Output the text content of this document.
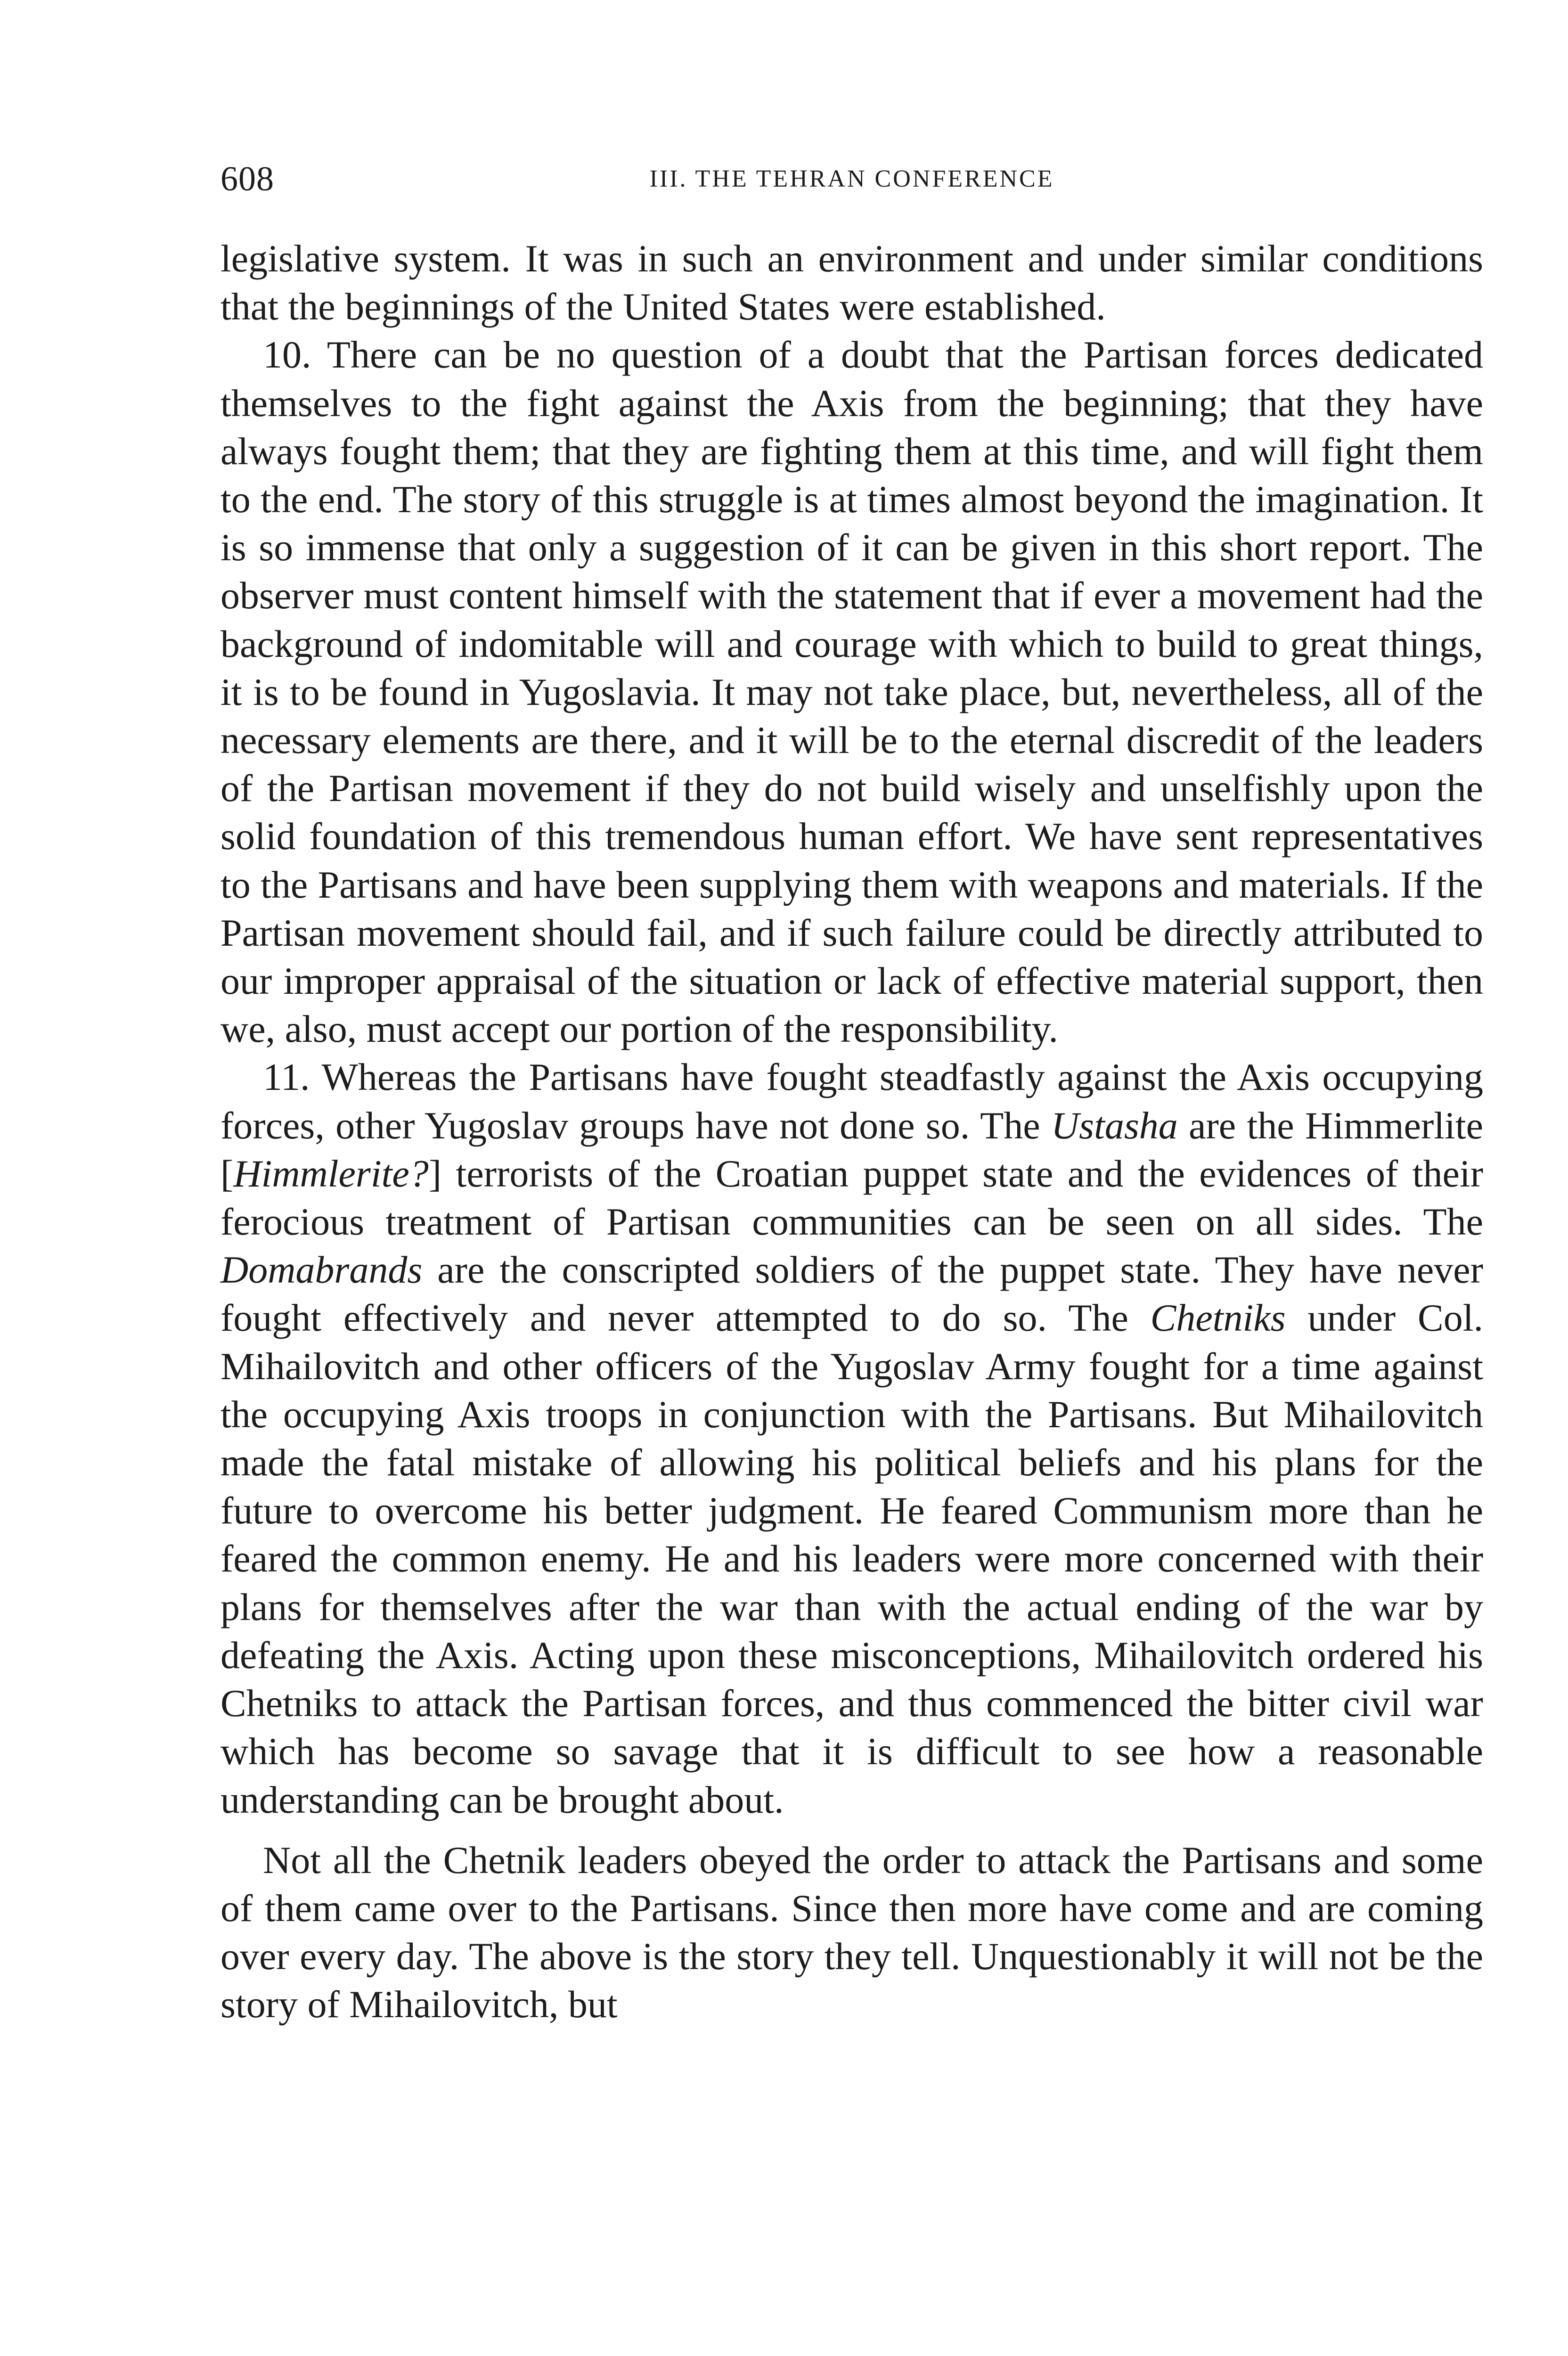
608	III. THE TEHRAN CONFERENCE

legislative system. It was in such an environment and under similar conditions that the beginnings of the United States were established.

10. There can be no question of a doubt that the Partisan forces dedicated themselves to the fight against the Axis from the beginning; that they have always fought them; that they are fighting them at this time, and will fight them to the end. The story of this struggle is at times almost beyond the imagination. It is so immense that only a suggestion of it can be given in this short report. The observer must content himself with the statement that if ever a movement had the background of indomitable will and courage with which to build to great things, it is to be found in Yugoslavia. It may not take place, but, nevertheless, all of the necessary elements are there, and it will be to the eternal discredit of the leaders of the Partisan movement if they do not build wisely and unselfishly upon the solid foundation of this tremendous human effort. We have sent representatives to the Partisans and have been supplying them with weapons and materials. If the Partisan movement should fail, and if such failure could be directly attributed to our improper appraisal of the situation or lack of effective material support, then we, also, must accept our portion of the responsibility.

11. Whereas the Partisans have fought steadfastly against the Axis occupying forces, other Yugoslav groups have not done so. The Ustasha are the Himmerlite [Himmlerite?] terrorists of the Croatian puppet state and the evidences of their ferocious treatment of Partisan communities can be seen on all sides. The Domabrands are the conscripted soldiers of the puppet state. They have never fought effectively and never attempted to do so. The Chetniks under Col. Mihailovitch and other officers of the Yugoslav Army fought for a time against the occupying Axis troops in conjunction with the Partisans. But Mihailovitch made the fatal mistake of allowing his political beliefs and his plans for the future to overcome his better judgment. He feared Communism more than he feared the common enemy. He and his leaders were more concerned with their plans for themselves after the war than with the actual ending of the war by defeating the Axis. Acting upon these misconceptions, Mihailovitch ordered his Chetniks to attack the Partisan forces, and thus commenced the bitter civil war which has become so savage that it is difficult to see how a reasonable understanding can be brought about.

Not all the Chetnik leaders obeyed the order to attack the Partisans and some of them came over to the Partisans. Since then more have come and are coming over every day. The above is the story they tell. Unquestionably it will not be the story of Mihailovitch, but
